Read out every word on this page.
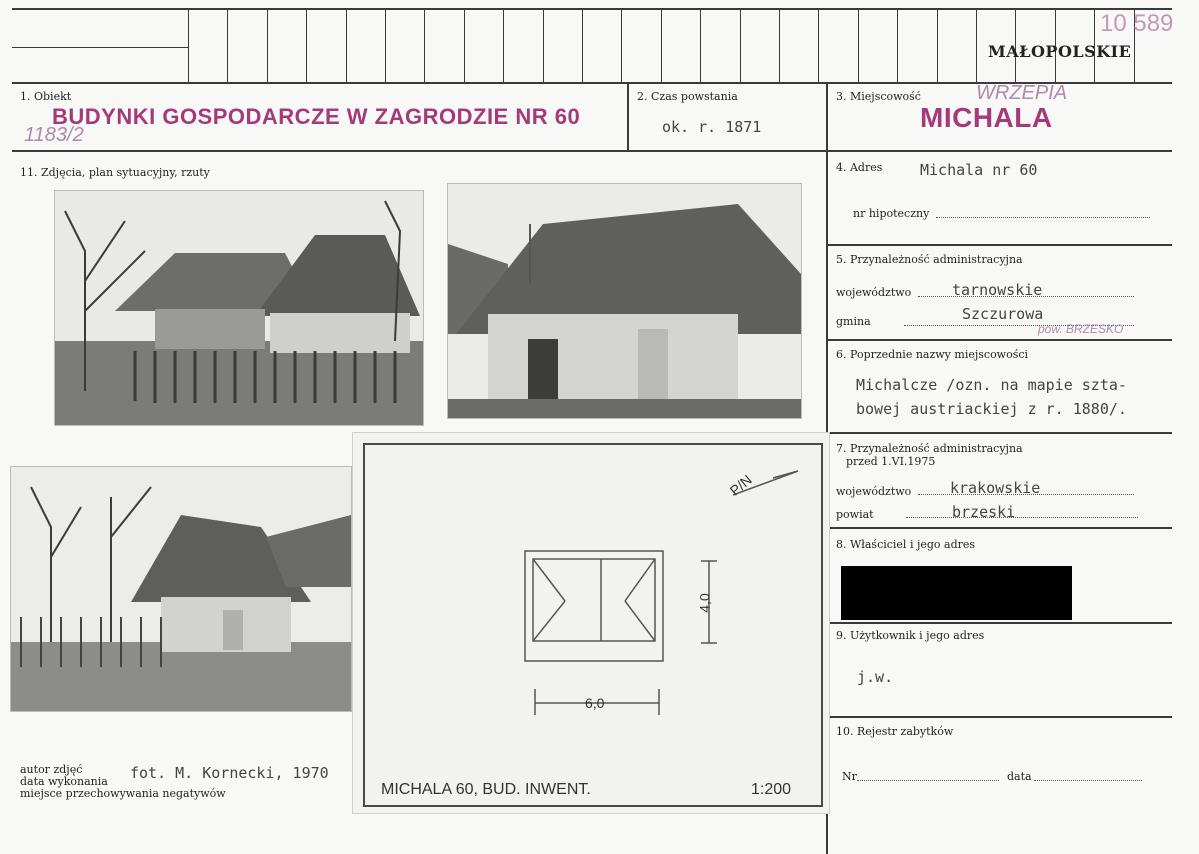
MAŁOPOLSKIE
10 589
1. Obiekt
BUDYNKI GOSPODARCZE W ZAGRODZIE NR 60
1183/2
2. Czas powstania
ok. r. 1871
3. Miejscowość	WRZEPIA
MICHALA
11. Zdjęcia, plan sytuacyjny, rzuty	4. Adres	Michala nr 60
nr hipoteczny
5. Przynależność administracyjna
województwo	tarnowskie
gmina	Szczurowa
pow. BRZESKO
6. Poprzednie nazwy miejscowości
Michalcze /ozn. na mapie szta-
bowej austriackiej z r. 1880/.
7. Przynależność administracyjna
przed 1.VI.1975
województwo	krakowskie
powiat	brzeski
8. Właściciel i jego adres
9. Użytkownik i jego adres
j.w.
10. Rejestr zabytków
Nr	data
P/N
4,0
6,0
MICHALA 60, BUD. INWENT.	1:200
autor zdjęć
data wykonania
miejsce przechowywania negatywów
fot. M. Kornecki, 1970
